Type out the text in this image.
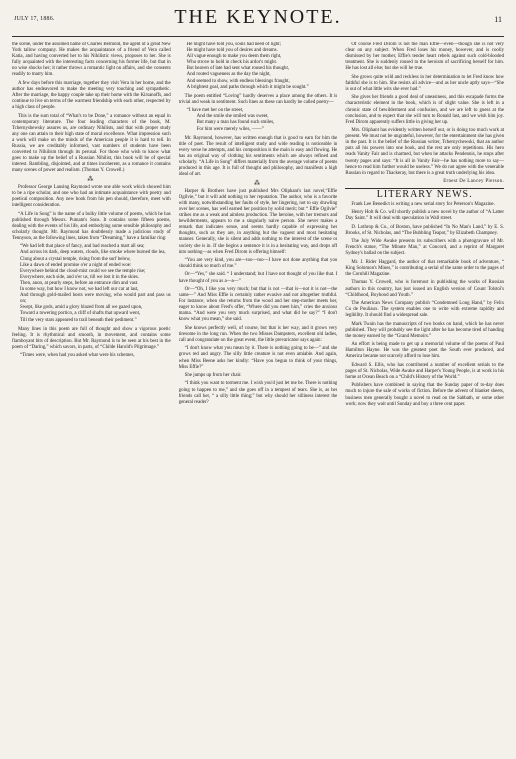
JULY 17, 1886.	THE KEYNOTE.	11

the scene, under the assumed name of Charles Belmont, the agent of a great New York tallow company. He makes the acquaintance of a friend of Vera called Katia, and having converted her to his Nihilistic views, proposes to her. She is fully acquainted with the interesting facts concerning his former life, but that in no wise shocks her; it rather throws a romantic light on affairs, and she consents readily to marry him.

A few days before this marriage, together they visit Vera in her home, and the author has endeavored to make the meeting very touching and sympathetic. After the marriage, the happy couple take up their home with the Kirsanoffs, and continue to live on terms of the warmest friendship with each other, respected by a high class of people.

This is the sum total of “What's to be Done,” a romance without an equal in contemporary literature. The four leading characters of the book, M. Tchernyshewsky assures us, are ordinary Nihilists, and that with proper study any one can attain to their high state of moral excellence. What impression such a work will make on the minds of the American people it is hard to tell. In Russia, we are creditably informed, vast numbers of students have been converted to Nihilism through its perusal. For those who wish to know what goes to make up the belief of a Russian Nihilist, this book will be of special interest. Rambling, disjointed, and at times incoherent, as a romance it contains many scenes of power and realism. (Thomas Y. Crowell.)

⁂

Professor George Lansing Raymond wrote one able work which showed him to be a ripe scholar, and one who had an intimate acquaintance with poetry and poetical composition. Any new book from his pen should, therefore, meet with intelligent consideration.

“A Life in Song” is the name of a bulky little volume of poems, which he has published through Messrs. Putnam's Sons. It contains some fifteen poems, dealing with the events of his life, and embodying some sensible philosophy and scholarly thought. Mr. Raymond has doubtlessly made a judicious study of Tennyson, as the following lines, taken from “Dreaming,” have a familiar ring:

“We had left that place of fancy, and had reached a mart all sea;
And across its dark, deep waters, clouds, like smoke where burned the lea,
Clung about a crystal temple, rising from the surf below,
Like a dawn of ended promise o'er a night of ended woe:
Everywhere behind the cloud-mist could we see the temple rise;
Everywhere, each side, and o'er us, till we lost it in the skies.
Then, anon, at pearly steps, before an entrance dim and vast.
In some way, but how I know not, we had left our car at last,
And through gold-mailed hosts were moving, who would part and pass us on;
Swept, like gods, amid a glory blazed from all we gazed upon,
Toward a towering portico, a cliff of shafts that upward went,
Till the very stars appeared to trail beneath their pediment.”

Many lines in this poem are full of thought and show a vigorous poetic feeling. It is rhythmical and smooth, in movement, and contains some flamboyant bits of description. But Mr. Raymond is to be seen at his best in the poem of “Daring,” which savors, in parts, of “Childe Harold's Pilgrimage.”

“Times were, when had you asked what were his schemes,
He might have told you, souls had need of light;
He might have told you of desires and dreams.
All vague enough to make you deem them right,
Who strove to hold in check his ardor's might.
But heaven of late had sent what roused his thought,
And routed vagueness as the day the night,
And seemed to show, with endless blessings fraught,
A brightest goal, and paths through which it might be sought.”

The poem entitled “Loving” hardly deserves a place among the others. It is trivial and weak in sentiment. Such lines as these can hardly be called poetry—

“I have met her on the street,
And the smile she smiled was sweet,
But many a man has found such smiles,
For him were merely wiles, ——”

Mr. Raymond, however, has written enough that is good to earn for him the title of poet. The result of intelligent study and wide reading is noticeable in every verse he attempts, and his composition is the main is easy and flowing. He has an original way of clothing his sentiments which are always refined and scholarly. “A Life in Song” differs materially from the average volume of poems produced in this age. It is full of thought and philosophy, and manifests a high ideal of art.

⁂

Harper & Brothers have just published Mrs Oliphant's last novel,“Effie Ogilvie,” but it will add nothing to her reputation. The author, who is a favorite with many, notwithstanding her faults of style, her lingering, not to say drawling over her scenes, has well earned her position by solid merit; but “ Effie Ogilvie” strikes me as a weak and aimless production. The heroine, with her tremors and bewilderments, appears to me a singularly naive person. She never makes a remark that indicates sense, and seems hardly capable of expressing her thoughts, such as they are, in anything but the vaguest and most hesitating manner. Generally, she is silent and adds nothing to the interest of the scene or society she is in. If she begins a sentence it is in a hesitating way, and drops off into nothing—as when Fred Dirom is offering himself:

“You are very kind, you are—too—too—I have not done anything that you should think so much of me.”

Or—“Yes,” she said. “ I understand; but I have not thought of you like that. I have thought of you as a—a—”

Or—“Oh, I like you very much; but that is not —that is—not it is not—the same—” And Miss Effie is certainly rather evasive and not altogether truthful. For instance, when she returns from the wood and her step-mother meets her, eager to know about Fred's offer, “Where did you meet him,” cries the anxious mama. “And were you very much surprised, and what did he say?” “I don't know what you mean,” she said.

She knows perfectly well, of course, but that is her way, and it grows very tiresome in the long run. When the two Misses Dampsters, excellent old ladies, call and congratulate on the great event, the little prevaricator says again:

“I don't know what you mean by it. There is nothing going to be—” and she grows red and angry. The silly little creature is not even amiable. And again, when Miss Beene asks her kindly: “Have you begun to think of your things, Miss Effie?”

She jumps up from her chair.

“I think you want to torment me. I wish you'd just let me be. There is nothing going to happen to me,” and she goes off in a tempest of tears. She is, as her friends call her, “ a silly little thing;” but why should her silliness interest the general reader?

Of course Fred Dirom is not the man Effie—even—though she is not very clear on any subject. When Fred loses his money, however, and is coolly dismissed by her mother, Effie's tender heart rebels against such cold-blooded treatment. She is suddenly roused to the heroism of sacrificing herself for him. He has lost all else; but she will be true.

She grows quite wild and reckless in her determination to let Fred know how faithful she is to him. She resists all advice—and as her uncle aptly says—“She is out of what little wits she ever had.”

She gives her friends a good deal of uneasiness, and this escapade forms the characteristic element in the book, which is of slight value. She is left in a chronic state of bewilderment and confusion, and we are left to guess at the conclusion, and to expect that she will turn to Ronald last, and we wish him joy. Fred Dirom apparently suffers little in giving her up.

Mrs. Oliphant has evidently written herself out, or is doing too much work at present. We must not be ungrateful, however, for the entertainment she has given in the past. It is the belief of the Russian writer, Tchernychewski, that an author puts all his powers into one book, and the rest are only repetitions. His hero reads Vanity Fair and is charmed, but when he attacks Pendennis, he stops after twenty pages and says: “It is all in Vanity Fair—he has nothing more to say—hence to read him further would be useless.” We do not agree with the venerable Russian in regard to Thackeray, but there is a great truth underlying his idea.

Ernest De Lancey Pierson.
LITERARY NEWS.

Frank Lee Benedict is writing a new serial story for Peterson's Magazine.

Henry Holt & Co. will shortly publish a new novel by the author of “A Latter Day Saint.” It will deal with speculation in Wall street.

D. Lothrop & Co., of Boston, have published “In No Man's Land,” by E. S. Brooks, of St. Nicholas, and “The Bubbling Teapot,” by Elizabeth Champney.

The July Wide Awake presents its subscribers with a photogravure of Mr. French's statue, “The Minute Man,” at Concord, and a reprint of Margaret Sydney's ballad on the subject.

Mr. J. Rider Haggard, the author of that remarkable book of adventure, “ King Solomon's Mines,” is contributing a serial of the same order to the pages of the Cornhill Magazine.

Thomas Y. Crowell, who is foremost in publishing the works of Russian authors in this country, has just issued an English version of Count Tolstoï's “Childhood, Boyhood and Youth.”

The American News Company publish “Condemned Long Hand,” by Felix Cu de Pouliaux. The system enables one to write with extreme rapidity and legibility. It should find a widespread sale.

Mark Twain has the manuscripts of two books on hand, which he has never published. They will probably see the light after he has become tired of handing the money earned by the “Grand Memoirs.”

An effort is being made to get up a memorial volume of the poems of Paul Hamilton Hayne. He was the greatest poet the South ever produced, and America became not scarcely afford to lose him.

Edward S. Ellis, who has contributed a number of excellent serials to the pages of St. Nicholas, Wide Awake and Harper's Young People, is at work in his home at Ocean Beach on a “Child's History of the World.”

Publishers have combined in saying that the Sunday paper of to-day does much to injure the sale of works of fiction. Before the advent of blanket sheets, business men generally bought a novel to read on the Sabbath, or some other work; now they wait until Sunday and buy a three cent paper.
